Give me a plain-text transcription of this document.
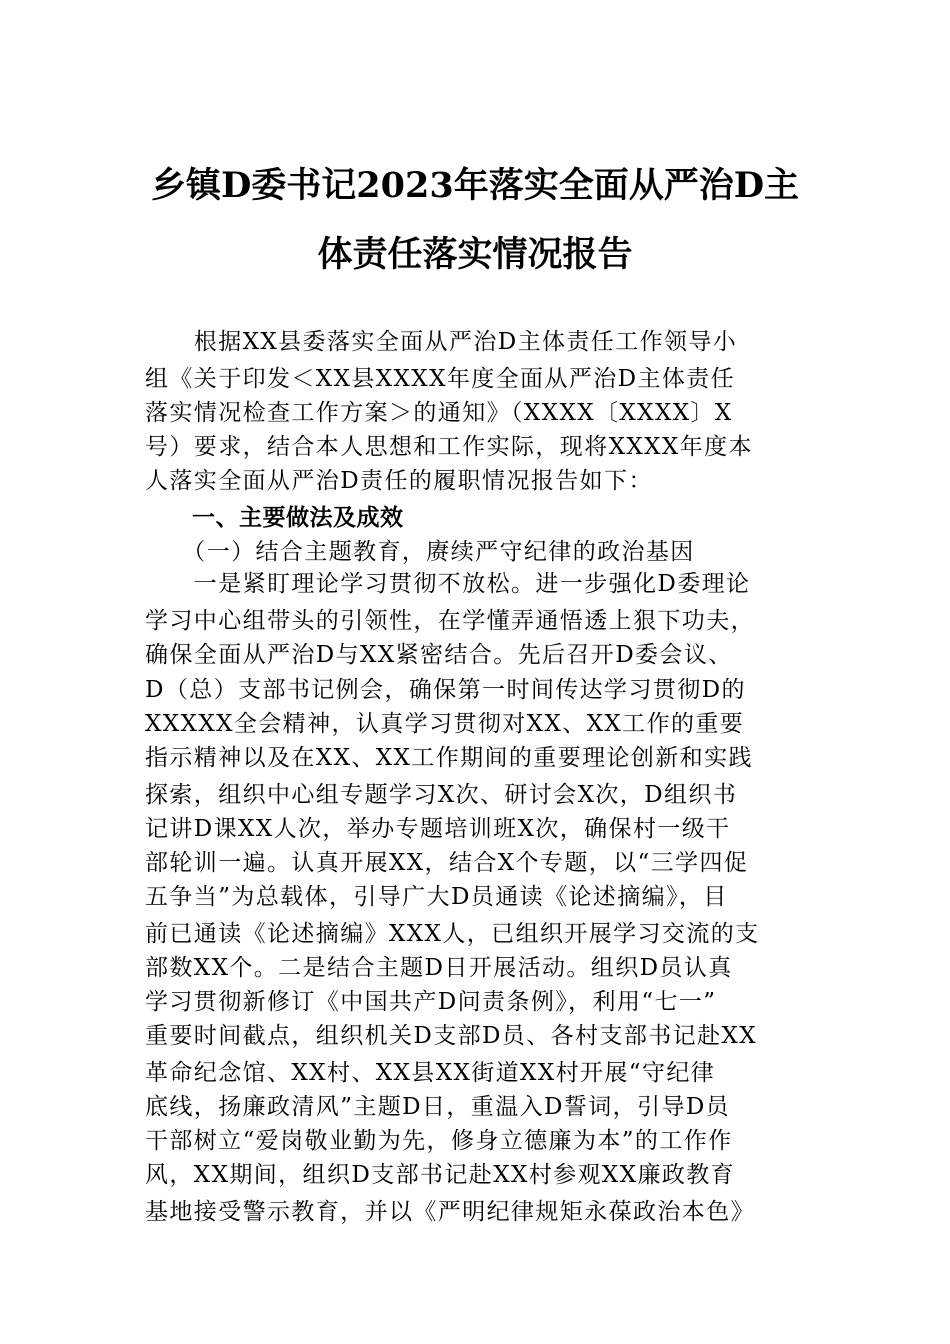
乡镇D委书记2023年落实全面从严治D主
体责任落实情况报告
　　根据XX县委落实全面从严治D主体责任工作领导小
组《关于印发＜XX县XXXX年度全面从严治D主体责任
落实情况检查工作方案＞的通知》（XXXX〔XXXX〕X
号）要求，结合本人思想和工作实际，现将XXXX年度本
人落实全面从严治D责任的履职情况报告如下：
　　一、主要做法及成效
　　（一）结合主题教育，赓续严守纪律的政治基因
　　一是紧盯理论学习贯彻不放松。进一步强化D委理论
学习中心组带头的引领性，在学懂弄通悟透上狠下功夫，
确保全面从严治D与XX紧密结合。先后召开D委会议、
D（总）支部书记例会，确保第一时间传达学习贯彻D的
XXXXX全会精神，认真学习贯彻对XX、XX工作的重要
指示精神以及在XX、XX工作期间的重要理论创新和实践
探索，组织中心组专题学习X次、研讨会X次，D组织书
记讲D课XX人次，举办专题培训班X次，确保村一级干
部轮训一遍。认真开展XX，结合X个专题，以“三学四促
五争当”为总载体，引导广大D员通读《论述摘编》，目
前已通读《论述摘编》XXX人，已组织开展学习交流的支
部数XX个。二是结合主题D日开展活动。组织D员认真
学习贯彻新修订《中国共产D问责条例》，利用“七一”
重要时间截点，组织机关D支部D员、各村支部书记赴XX
革命纪念馆、XX村、XX县XX街道XX村开展“守纪律
底线，扬廉政清风”主题D日，重温入D誓词，引导D员
干部树立“爱岗敬业勤为先，修身立德廉为本”的工作作
风，XX期间，组织D支部书记赴XX村参观XX廉政教育
基地接受警示教育，并以《严明纪律规矩永葆政治本色》
